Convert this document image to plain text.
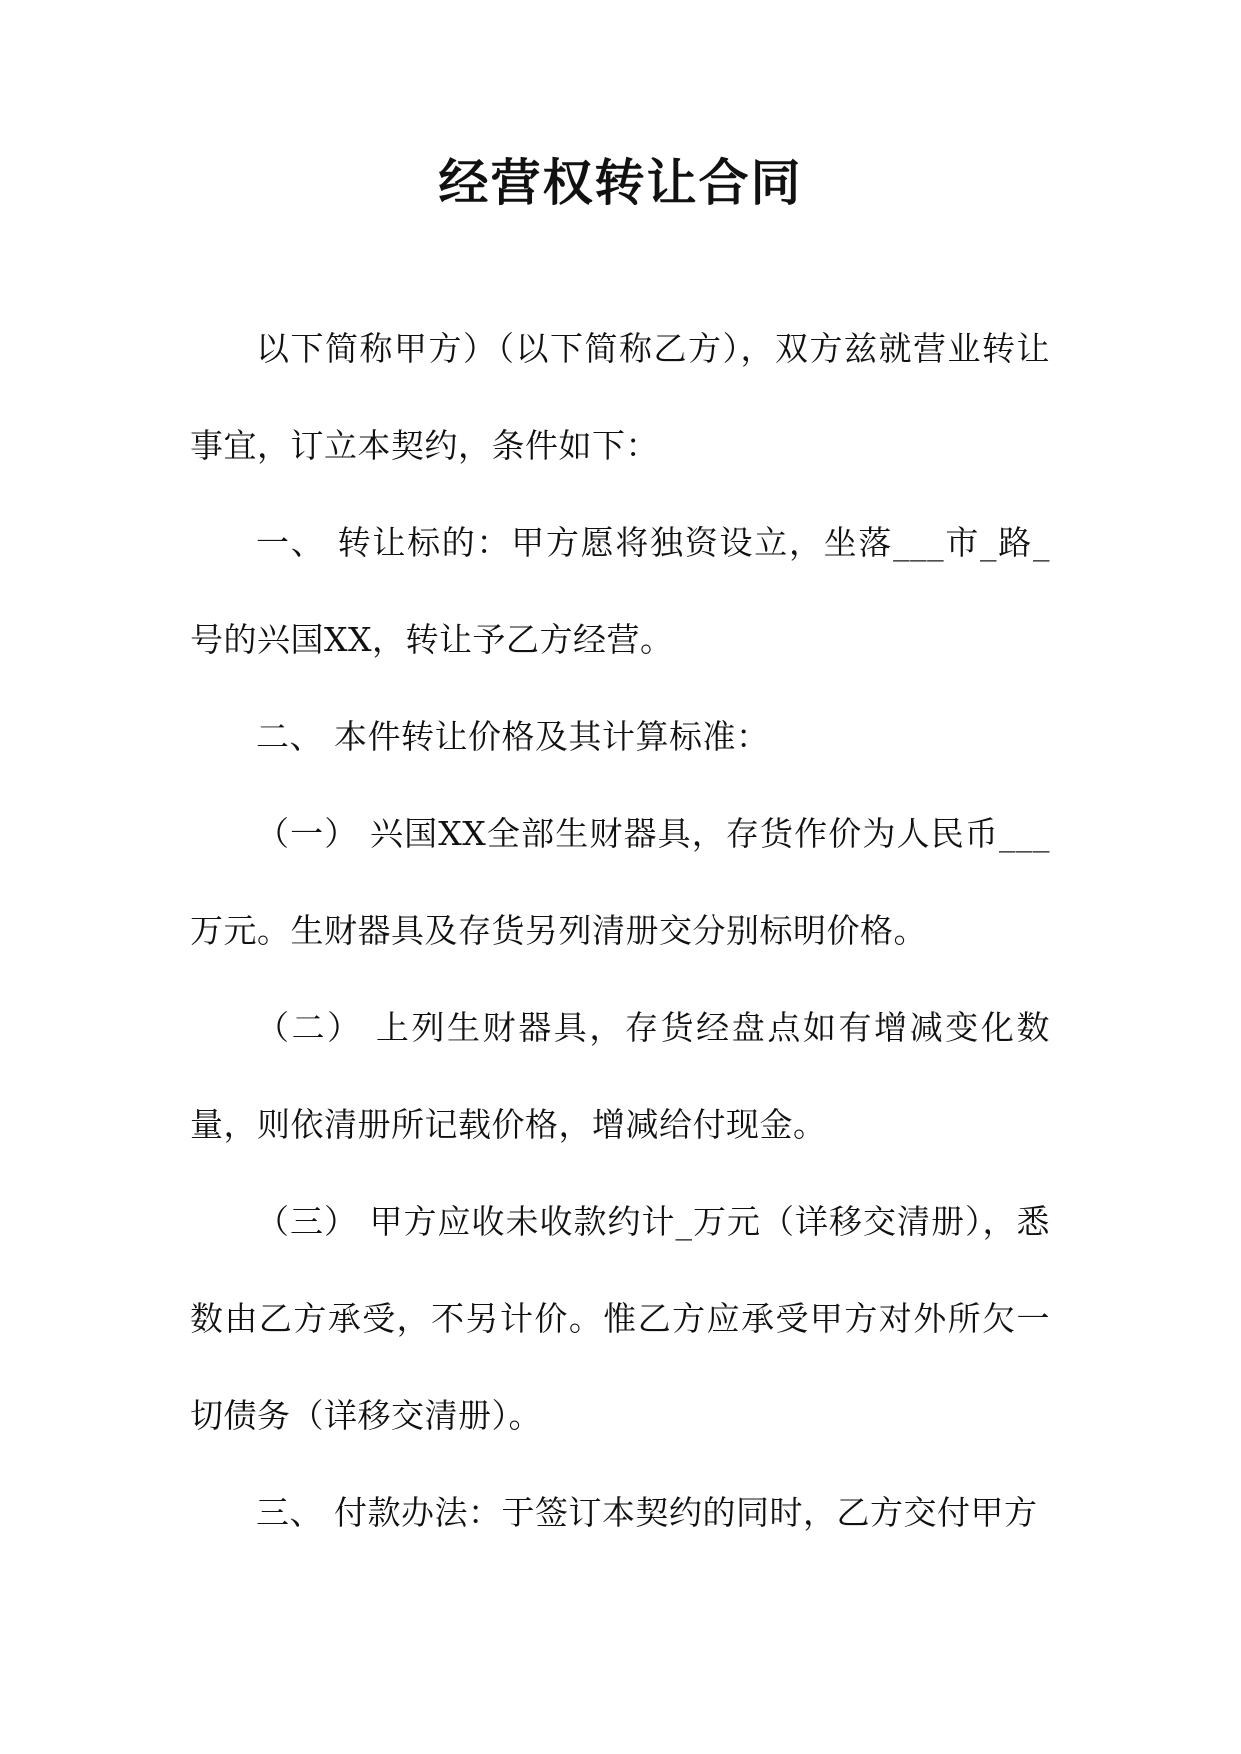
经营权转让合同

以下简称甲方）（以下简称乙方），双方兹就营业转让事宜，订立本契约，条件如下：

一、 转让标的：甲方愿将独资设立，坐落___市_路_号的兴国XX，转让予乙方经营。

二、 本件转让价格及其计算标准：

（一） 兴国XX全部生财器具，存货作价为人民币___万元。生财器具及存货另列清册交分别标明价格。

（二） 上列生财器具，存货经盘点如有增减变化数量，则依清册所记载价格，增减给付现金。

（三） 甲方应收未收款约计_万元（详移交清册），悉数由乙方承受，不另计价。惟乙方应承受甲方对外所欠一切债务（详移交清册）。

三、 付款办法：于签订本契约的同时，乙方交付甲方
